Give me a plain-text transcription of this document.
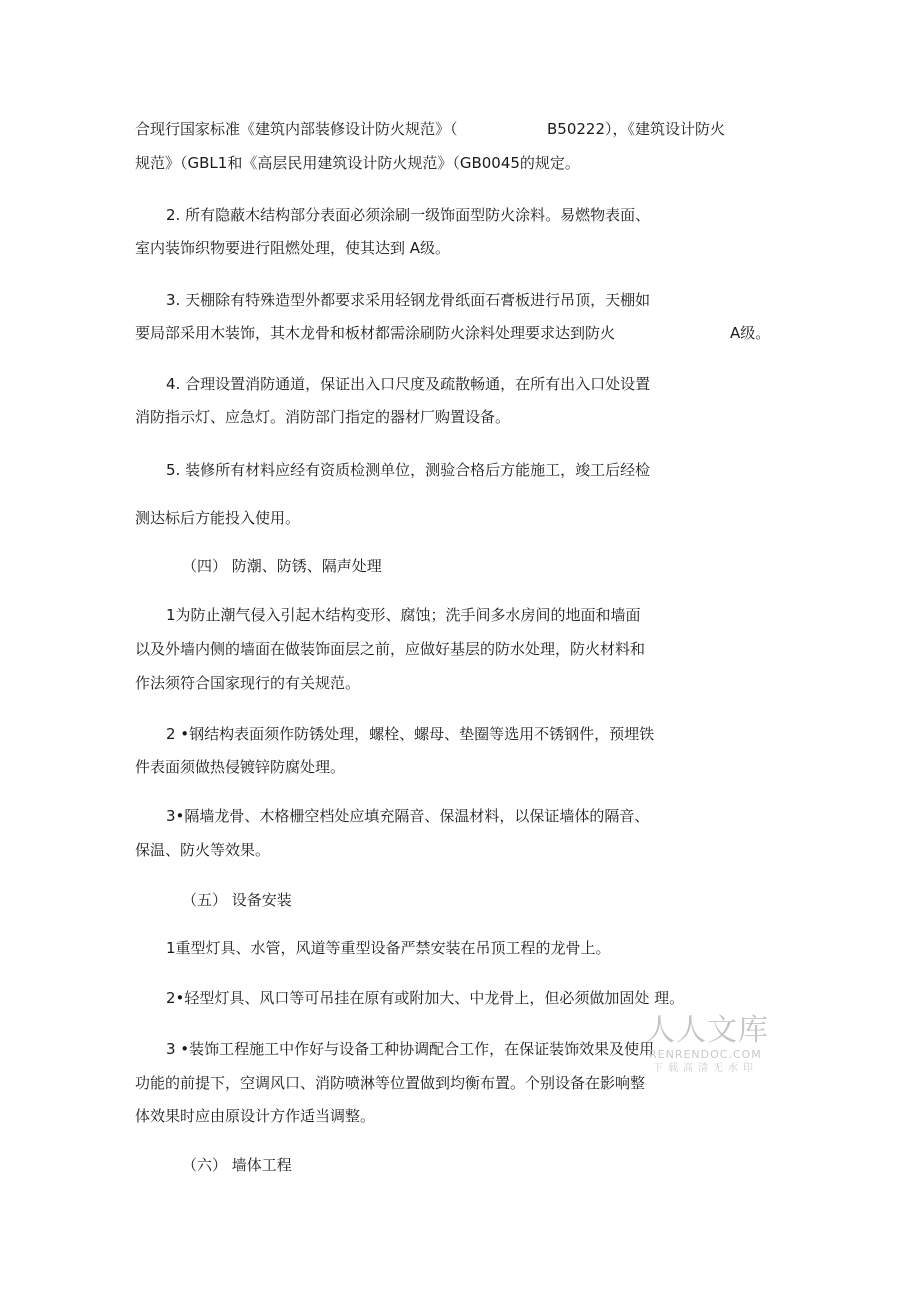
合现行国家标准《建筑内部装修设计防火规范》（	B50222），《建筑设计防火
规范》（GBL1和《高层民用建筑设计防火规范》（GB0045的规定。
2. 所有隐蔽木结构部分表面必须涂刷一级饰面型防火涂料。易燃物表面、
室内装饰织物要进行阻燃处理，使其达到 A级。
3. 天棚除有特殊造型外都要求采用轻钢龙骨纸面石膏板进行吊顶，天棚如
要局部采用木装饰，其木龙骨和板材都需涂刷防火涂料处理要求达到防火	A级。
4. 合理设置消防通道，保证出入口尺度及疏散畅通，在所有出入口处设置
消防指示灯、应急灯。消防部门指定的器材厂购置设备。
5. 装修所有材料应经有资质检测单位，测验合格后方能施工，竣工后经检
测达标后方能投入使用。
（四） 防潮、防锈、隔声处理
1为防止潮气侵入引起木结构变形、腐蚀；洗手间多水房间的地面和墙面
以及外墙内侧的墙面在做装饰面层之前，应做好基层的防水处理，防火材料和
作法须符合国家现行的有关规范。
2 •钢结构表面须作防锈处理，螺栓、螺母、垫圈等选用不锈钢件，预埋铁
件表面须做热侵镀锌防腐处理。
3•隔墙龙骨、木格栅空档处应填充隔音、保温材料，以保证墙体的隔音、
保温、防火等效果。
（五） 设备安装
1重型灯具、水管，风道等重型设备严禁安装在吊顶工程的龙骨上。
2•轻型灯具、风口等可吊挂在原有或附加大、中龙骨上，但必须做加固处 理。
3 •装饰工程施工中作好与设备工种协调配合工作，在保证装饰效果及使用
功能的前提下，空调风口、消防喷淋等位置做到均衡布置。个别设备在影响整
体效果时应由原设计方作适当调整。
（六） 墙体工程
人人文库
RENRENDOC.COM
下载高清无水印
